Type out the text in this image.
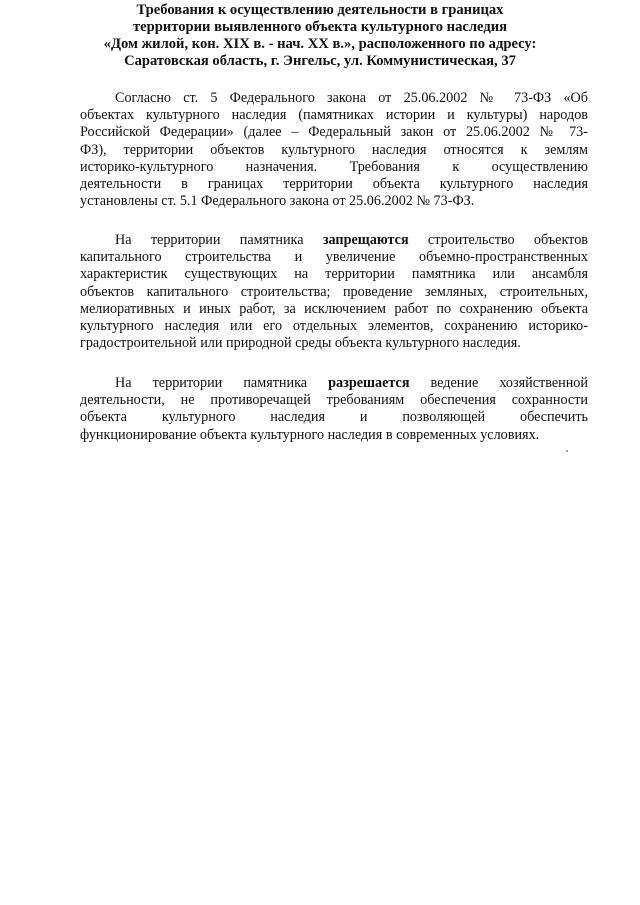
Требования к осуществлению деятельности в границах
территории выявленного объекта культурного наследия
«Дом жилой, кон. XIX в. - нач. XX в.», расположенного по адресу:
Саратовская область, г. Энгельс, ул. Коммунистическая, 37
Согласно ст. 5 Федерального закона от 25.06.2002 № 73-ФЗ «Об
объектах культурного наследия (памятниках истории и культуры) народов
Российской Федерации» (далее – Федеральный закон от 25.06.2002 № 73-
ФЗ), территории объектов культурного наследия относятся к землям
историко-культурного назначения. Требования к осуществлению
деятельности в границах территории объекта культурного наследия
установлены ст. 5.1 Федерального закона от 25.06.2002 № 73-ФЗ.
На территории памятника запрещаются строительство объектов
капитального строительства и увеличение объемно-пространственных
характеристик существующих на территории памятника или ансамбля
объектов капитального строительства; проведение земляных, строительных,
мелиоративных и иных работ, за исключением работ по сохранению объекта
культурного наследия или его отдельных элементов, сохранению историко-
градостроительной или природной среды объекта культурного наследия.
На территории памятника разрешается ведение хозяйственной
деятельности, не противоречащей требованиям обеспечения сохранности
объекта культурного наследия и позволяющей обеспечить
функционирование объекта культурного наследия в современных условиях.
